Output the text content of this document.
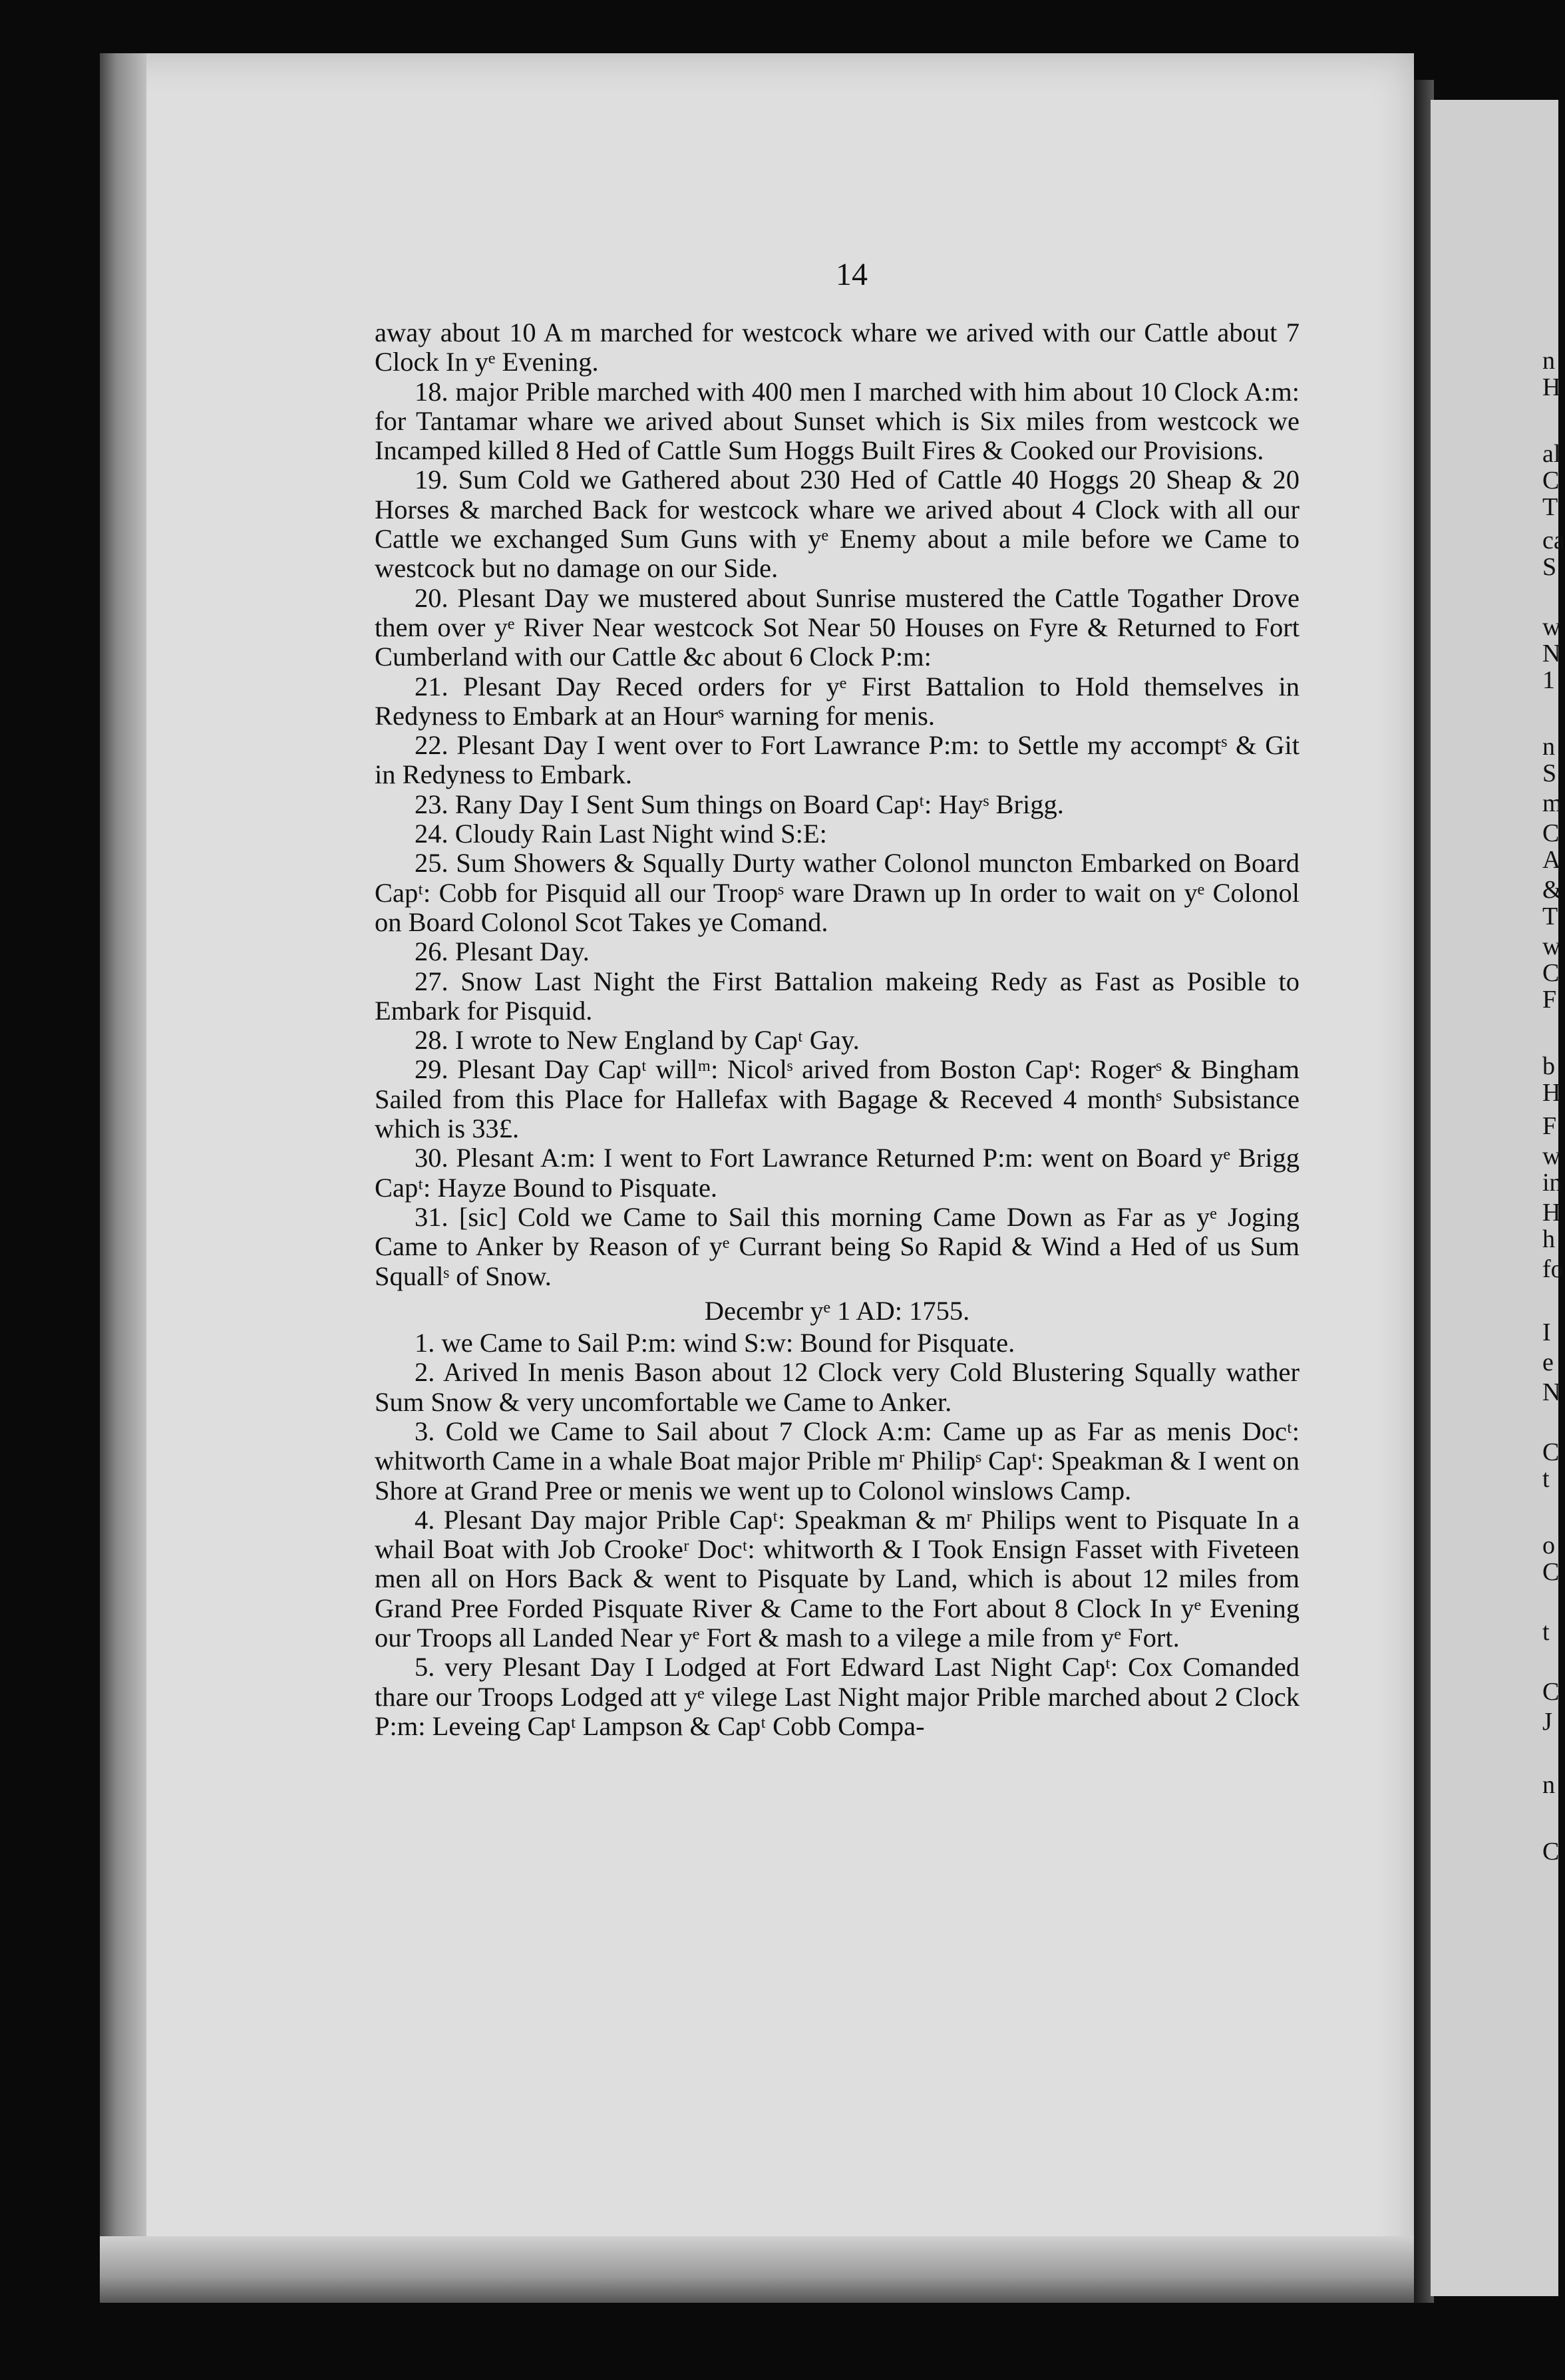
14

away about 10 A m marched for westcock whare we arived with our Cattle about 7 Clock In yᵉ Evening.

18. major Prible marched with 400 men I marched with him about 10 Clock A:m: for Tantamar whare we arived about Sunset which is Six miles from westcock we Incamped killed 8 Hed of Cattle Sum Hoggs Built Fires & Cooked our Provisions.

19. Sum Cold we Gathered about 230 Hed of Cattle 40 Hoggs 20 Sheap & 20 Horses & marched Back for westcock whare we arived about 4 Clock with all our Cattle we exchanged Sum Guns with yᵉ Enemy about a mile before we Came to westcock but no damage on our Side.

20. Plesant Day we mustered about Sunrise mustered the Cattle Togather Drove them over yᵉ River Near westcock Sot Near 50 Houses on Fyre & Returned to Fort Cumberland with our Cattle &c about 6 Clock P:m:

21. Plesant Day Reced orders for yᵉ First Battalion to Hold themselves in Redyness to Embark at an Hourˢ warning for menis.

22. Plesant Day I went over to Fort Lawrance P:m: to Settle my accomptˢ & Git in Redyness to Embark.

23. Rany Day I Sent Sum things on Board Capᵗ: Hayˢ Brigg.

24. Cloudy Rain Last Night wind S:E:

25. Sum Showers & Squally Durty wather Colonol muncton Embarked on Board Capᵗ: Cobb for Pisquid all our Troopˢ ware Drawn up In order to wait on yᵉ Colonol on Board Colonol Scot Takes ye Comand.

26. Plesant Day.

27. Snow Last Night the First Battalion makeing Redy as Fast as Posible to Embark for Pisquid.

28. I wrote to New England by Capᵗ Gay.

29. Plesant Day Capᵗ willᵐ: Nicolˢ arived from Boston Capᵗ: Rogerˢ & Bingham Sailed from this Place for Hallefax with Bagage & Receved 4 monthˢ Subsistance which is 33£.

30. Plesant A:m: I went to Fort Lawrance Returned P:m: went on Board yᵉ Brigg Capᵗ: Hayze Bound to Pisquate.

31. [sic] Cold we Came to Sail this morning Came Down as Far as yᵉ Joging Came to Anker by Reason of yᵉ Currant being So Rapid & Wind a Hed of us Sum Squallˢ of Snow.

Decembr yᵉ 1 AD: 1755.

1. we Came to Sail P:m: wind S:w: Bound for Pisquate.

2. Arived In menis Bason about 12 Clock very Cold Blustering Squally wather Sum Snow & very uncomfortable we Came to Anker.

3. Cold we Came to Sail about 7 Clock A:m: Came up as Far as menis Docᵗ: whitworth Came in a whale Boat major Prible mʳ Philipˢ Capᵗ: Speakman & I went on Shore at Grand Pree or menis we went up to Colonol winslows Camp.

4. Plesant Day major Prible Capᵗ: Speakman & mʳ Philips went to Pisquate In a whail Boat with Job Crookeʳ Docᵗ: whitworth & I Took Ensign Fasset with Fiveteen men all on Hors Back & went to Pisquate by Land, which is about 12 miles from Grand Pree Forded Pisquate River & Came to the Fort about 8 Clock In yᵉ Evening our Troops all Landed Near yᵉ Fort & mash to a vilege a mile from yᵉ Fort.

5. very Plesant Day I Lodged at Fort Edward Last Night Capᵗ: Cox Comanded thare our Troops Lodged att yᵉ vilege Last Night major Prible marched about 2 Clock P:m: Leveing Capᵗ Lampson & Capᵗ Cobb Compa-

n
H
al
C
T
ca
S
w
N
1
n
S
m
C
A
&
T
w
C
F
b
H
F
w
in
H
h
fo
I
e
N
C
t
o
C
t
C
J
n
C
